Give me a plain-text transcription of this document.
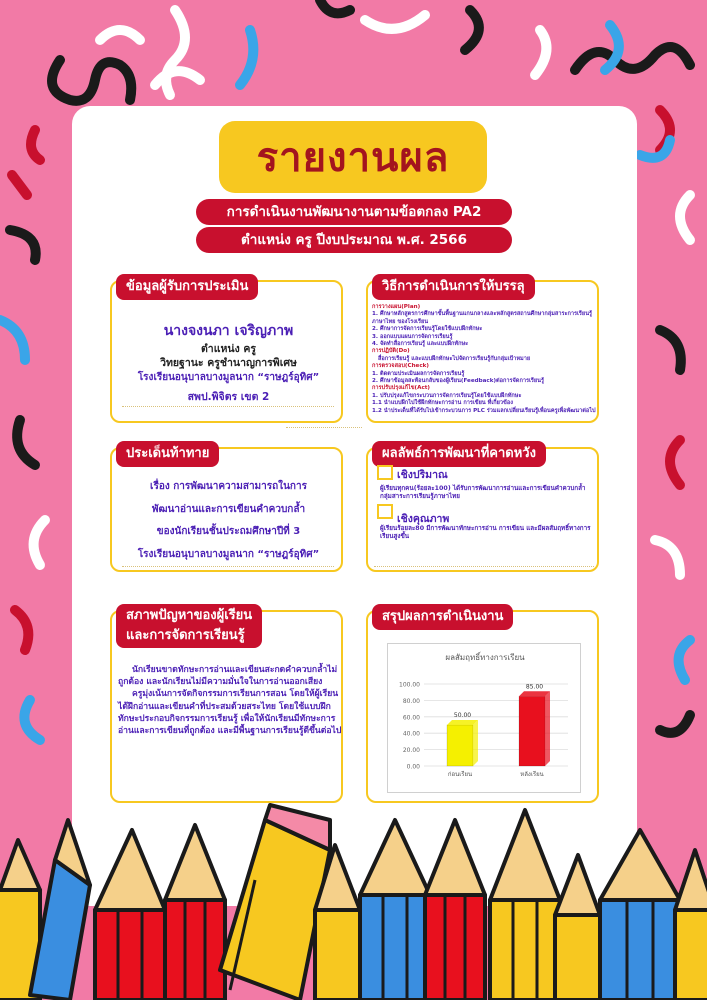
รายงานผล
การดำเนินงานพัฒนางานตามข้อตกลง PA2
ตำแหน่ง ครู ปีงบประมาณ พ.ศ. 2566
ข้อมูลผู้รับการประเมิน
นางจงนภา เจริญภาพ
ตำแหน่ง ครู
วิทยฐานะ ครูชำนาญการพิเศษ
โรงเรียนอนุบาลบางมูลนาก “ราษฎร์อุทิศ”
สพป.พิจิตร เขต 2
วิธีการดำเนินการให้บรรลุ
การวางแผน(Plan)
1. ศึกษาหลักสูตรการศึกษาขั้นพื้นฐานแกนกลางและหลักสูตรสถานศึกษากลุ่มสาระการเรียนรู้ภาษาไทย ของโรงเรียน
2. ศึกษาการจัดการเรียนรู้โดยใช้แบบฝึกทักษะ
3. ออกแบบแผนการจัดการเรียนรู้
4. จัดทำสื่อการเรียนรู้ และแบบฝึกทักษะ
การปฏิบัติ(Do)
สื่อการเรียนรู้ และแบบฝึกทักษะไปจัดการเรียนรู้กับกลุ่มเป้าหมาย
การตรวจสอบ(Check)
1. ติดตามประเมินผลการจัดการเรียนรู้
2. ศึกษาข้อมูลสะท้อนกลับของผู้เรียน(Feedback)ต่อการจัดการเรียนรู้
การปรับปรุงแก้ไข(Act)
1. ปรับปรุงแก้ไขกระบวนการจัดการเรียนรู้โดยใช้แบบฝึกทักษะ
1.1 นำแบบฝึกไปใช้ฝึกทักษะการอ่าน การเขียน ที่เกี่ยวข้อง
1.2 นำประเด็นที่ได้รับไปเข้ากระบวนการ PLC ร่วมแลกเปลี่ยนเรียนรู้เพื่อนครูเพื่อพัฒนาต่อไป
ประเด็นท้าทาย
เรื่อง การพัฒนาความสามารถในการ
พัฒนาอ่านและการเขียนคำควบกล้ำ
ของนักเรียนชั้นประถมศึกษาปีที่ 3
โรงเรียนอนุบาลบางมูลนาก “ราษฎร์อุทิศ”
ผลลัพธ์การพัฒนาที่คาดหวัง
เชิงปริมาณ
ผู้เรียนทุกคน(ร้อยละ100) ได้รับการพัฒนาการอ่านและการเขียนคำควบกล้ำกลุ่มสาระการเรียนรู้ภาษาไทย
เชิงคุณภาพ
ผู้เรียนร้อยละ80 มีการพัฒนาทักษะการอ่าน การเขียน และมีผลสัมฤทธิ์ทางการเรียนสูงขึ้น
สภาพปัญหาของผู้เรียน
และการจัดการเรียนรู้
นักเรียนขาดทักษะการอ่านและเขียนสะกดคำควบกล้ำไม่ถูกต้อง และนักเรียนไม่มีความมั่นใจในการอ่านออกเสียง
ครูมุ่งเน้นการจัดกิจกรรมการเรียนการสอน โดยให้ผู้เรียนได้ฝึกอ่านและเขียนคำที่ประสมด้วยสระไทย โดยใช้แบบฝึกทักษะประกอบกิจกรรมการเรียนรู้ เพื่อให้นักเรียนมีทักษะการอ่านและการเขียนที่ถูกต้อง และมีพื้นฐานการเรียนรู้ดีขึ้นต่อไป
สรุปผลการดำเนินงาน
ผลสัมฤทธิ์ทางการเรียน
0.00
20.00
40.00
60.00
80.00
100.00
50.00
85.00
ก่อนเรียน	หลังเรียน
